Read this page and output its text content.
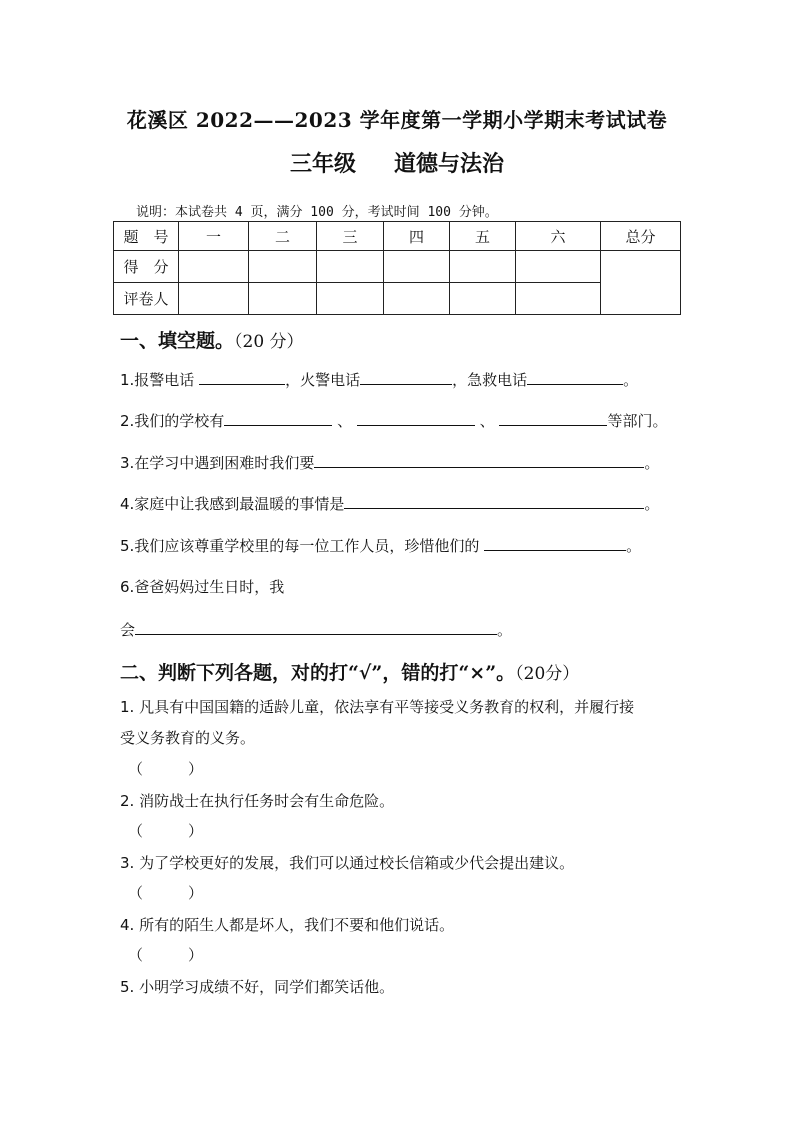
花溪区 2022——2023 学年度第一学期小学期末考试试卷
三年级 道德与法治
说明：本试卷共 4 页，满分 100 分，考试时间 100 分钟。
题　号	一	二	三	四	五	六	总分
得　分							
评卷人							
一、填空题。（20 分）
1.报警电话	，火警电话	，急救电话	。
2.我们的学校有	、	、	等部门。
3.在学习中遇到困难时我们要	。
4.家庭中让我感到最温暖的事情是	。
5.我们应该尊重学校里的每一位工作人员，珍惜他们的	。
6.爸爸妈妈过生日时，我
会	。
二、判断下列各题，对的打“√”，错的打“×”。（20分）
1. 凡具有中国国籍的适龄儿童，依法享有平等接受义务教育的权利，并履行接
受义务教育的义务。
（　　　）
2. 消防战士在执行任务时会有生命危险。
（　　　）
3. 为了学校更好的发展，我们可以通过校长信箱或少代会提出建议。
（　　　）
4. 所有的陌生人都是坏人，我们不要和他们说话。
（　　　）
5. 小明学习成绩不好，同学们都笑话他。
